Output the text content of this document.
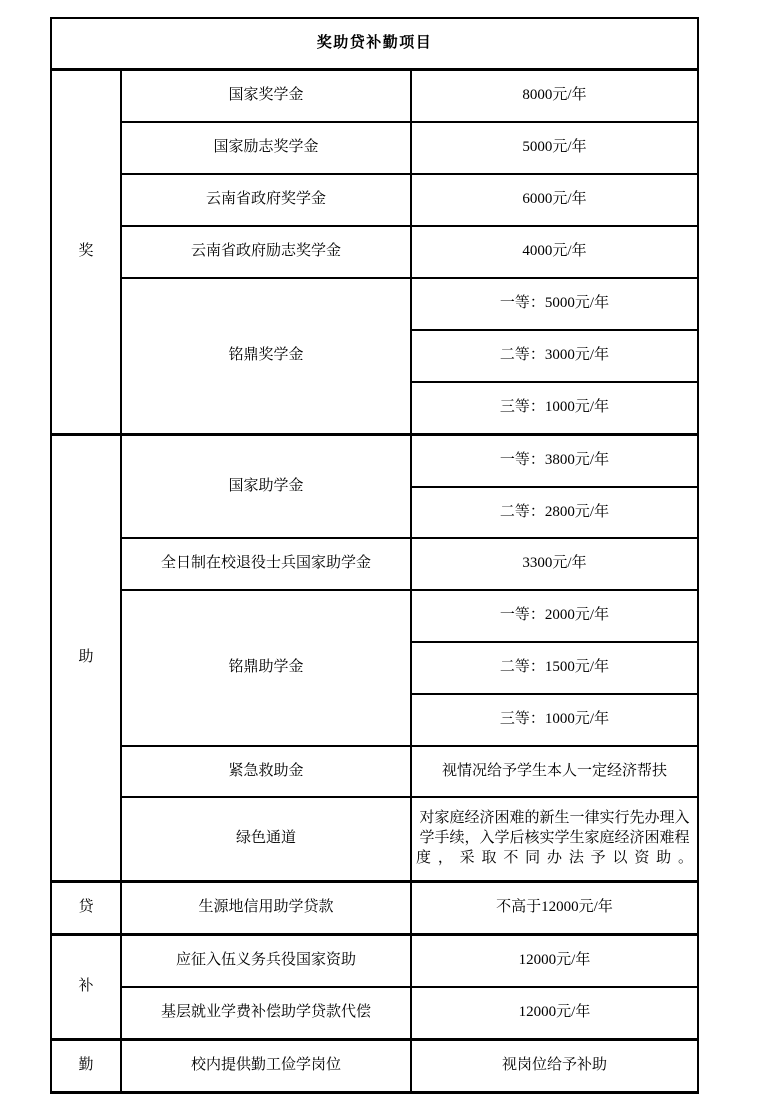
奖助贷补勤项目		
奖	国家奖学金	8000元/年
	国家励志奖学金	5000元/年
	云南省政府奖学金	6000元/年
	云南省政府励志奖学金	4000元/年
	铭鼎奖学金	一等：5000元/年
		二等：3000元/年
		三等：1000元/年
助	国家助学金	一等：3800元/年
		二等：2800元/年
	全日制在校退役士兵国家助学金	3300元/年
	铭鼎助学金	一等：2000元/年
		二等：1500元/年
		三等：1000元/年
	紧急救助金	视情况给予学生本人一定经济帮扶
	绿色通道	对家庭经济困难的新生一律实行先办理入学手续，入学后核实学生家庭经济困难程度，采取不同办法予以资助。
贷	生源地信用助学贷款	不高于12000元/年
补	应征入伍义务兵役国家资助	12000元/年
	基层就业学费补偿助学贷款代偿	12000元/年
勤	校内提供勤工俭学岗位	视岗位给予补助
